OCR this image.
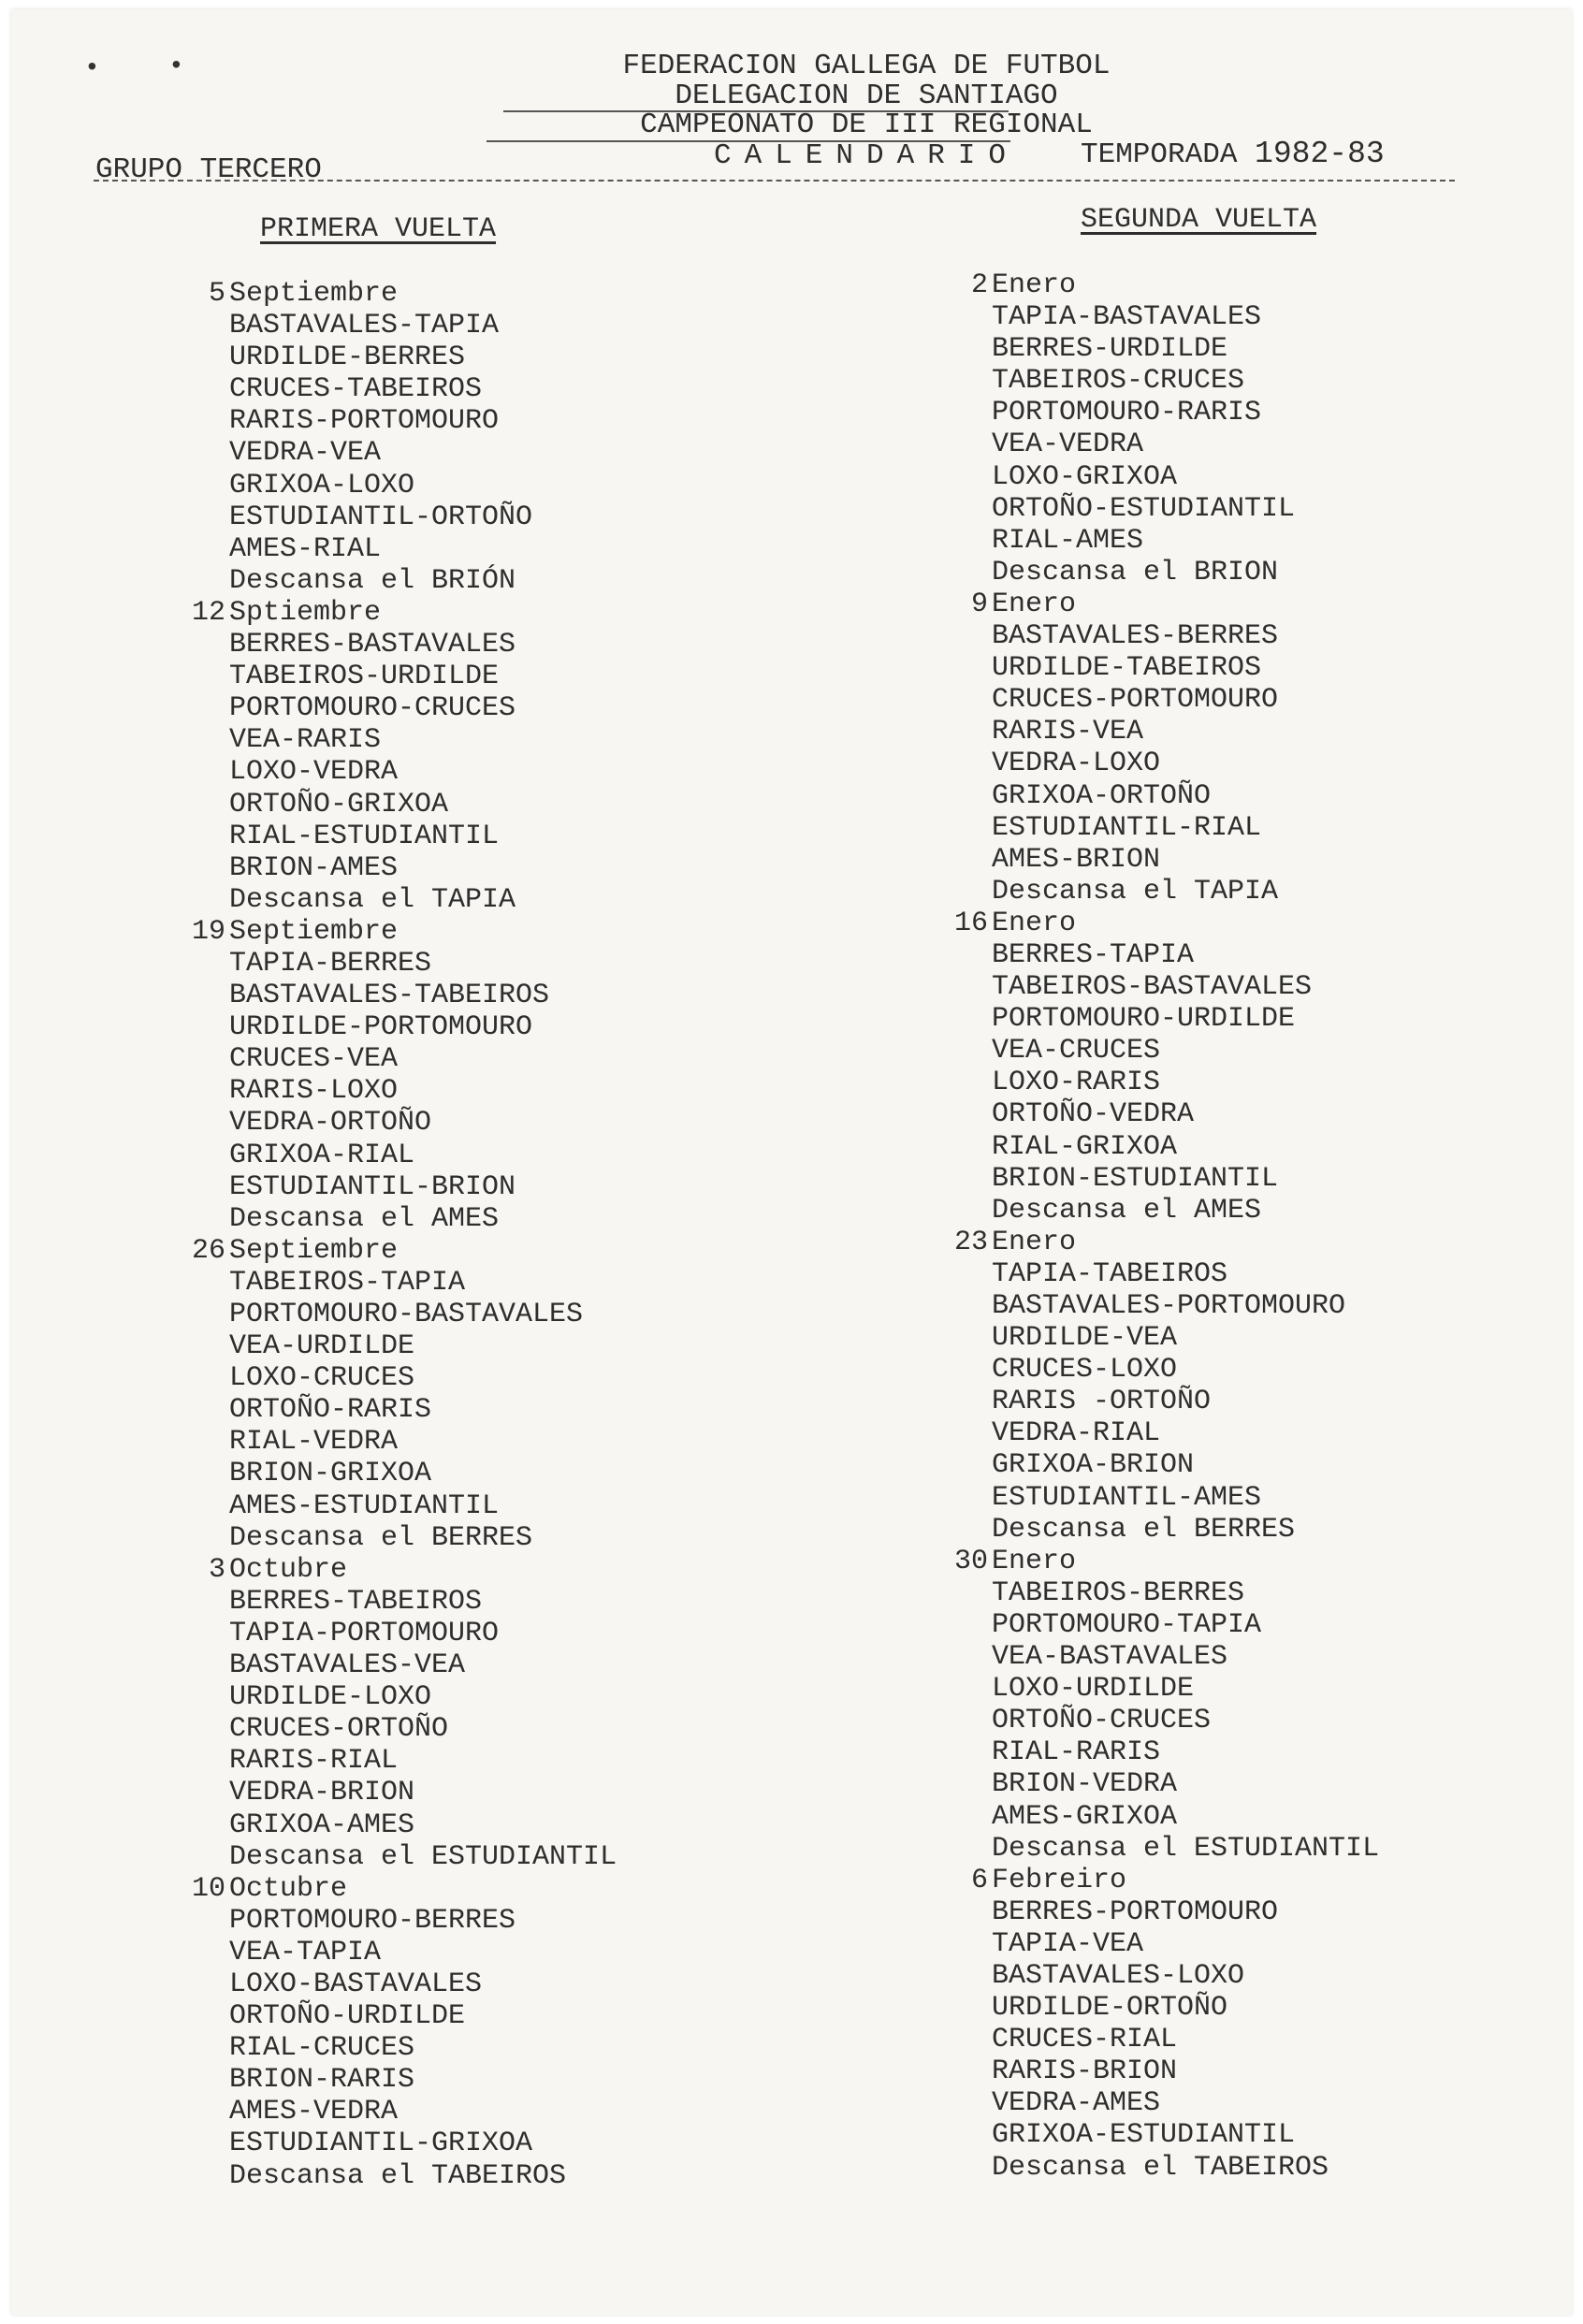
•	•	FEDERACION GALLEGA DE FUTBOL
DELEGACION DE SANTIAGO
CAMPEONATO DE III REGIONAL
CALENDARIO
GRUPO TERCERO	TEMPORADA 1982-83
PRIMERA VUELTA	SEGUNDA VUELTA
5 Septiembre
BASTAVALES-TAPIA
URDILDE-BERRES
CRUCES-TABEIROS
RARIS-PORTOMOURO
VEDRA-VEA
GRIXOA-LOXO
ESTUDIANTIL-ORTOÑO
AMES-RIAL
Descansa el BRIÓN
12 Sptiembre
BERRES-BASTAVALES
TABEIROS-URDILDE
PORTOMOURO-CRUCES
VEA-RARIS
LOXO-VEDRA
ORTOÑO-GRIXOA
RIAL-ESTUDIANTIL
BRION-AMES
Descansa el TAPIA
19 Septiembre
TAPIA-BERRES
BASTAVALES-TABEIROS
URDILDE-PORTOMOURO
CRUCES-VEA
RARIS-LOXO
VEDRA-ORTOÑO
GRIXOA-RIAL
ESTUDIANTIL-BRION
Descansa el AMES
26 Septiembre
TABEIROS-TAPIA
PORTOMOURO-BASTAVALES
VEA-URDILDE
LOXO-CRUCES
ORTOÑO-RARIS
RIAL-VEDRA
BRION-GRIXOA
AMES-ESTUDIANTIL
Descansa el BERRES
3 Octubre
BERRES-TABEIROS
TAPIA-PORTOMOURO
BASTAVALES-VEA
URDILDE-LOXO
CRUCES-ORTOÑO
RARIS-RIAL
VEDRA-BRION
GRIXOA-AMES
Descansa el ESTUDIANTIL
10 Octubre
PORTOMOURO-BERRES
VEA-TAPIA
LOXO-BASTAVALES
ORTOÑO-URDILDE
RIAL-CRUCES
BRION-RARIS
AMES-VEDRA
ESTUDIANTIL-GRIXOA
Descansa el TABEIROS
2 Enero
TAPIA-BASTAVALES
BERRES-URDILDE
TABEIROS-CRUCES
PORTOMOURO-RARIS
VEA-VEDRA
LOXO-GRIXOA
ORTOÑO-ESTUDIANTIL
RIAL-AMES
Descansa el BRION
9 Enero
BASTAVALES-BERRES
URDILDE-TABEIROS
CRUCES-PORTOMOURO
RARIS-VEA
VEDRA-LOXO
GRIXOA-ORTOÑO
ESTUDIANTIL-RIAL
AMES-BRION
Descansa el TAPIA
16 Enero
BERRES-TAPIA
TABEIROS-BASTAVALES
PORTOMOURO-URDILDE
VEA-CRUCES
LOXO-RARIS
ORTOÑO-VEDRA
RIAL-GRIXOA
BRION-ESTUDIANTIL
Descansa el AMES
23 Enero
TAPIA-TABEIROS
BASTAVALES-PORTOMOURO
URDILDE-VEA
CRUCES-LOXO
RARIS -ORTOÑO
VEDRA-RIAL
GRIXOA-BRION
ESTUDIANTIL-AMES
Descansa el BERRES
30 Enero
TABEIROS-BERRES
PORTOMOURO-TAPIA
VEA-BASTAVALES
LOXO-URDILDE
ORTOÑO-CRUCES
RIAL-RARIS
BRION-VEDRA
AMES-GRIXOA
Descansa el ESTUDIANTIL
6 Febreiro
BERRES-PORTOMOURO
TAPIA-VEA
BASTAVALES-LOXO
URDILDE-ORTOÑO
CRUCES-RIAL
RARIS-BRION
VEDRA-AMES
GRIXOA-ESTUDIANTIL
Descansa el TABEIROS
